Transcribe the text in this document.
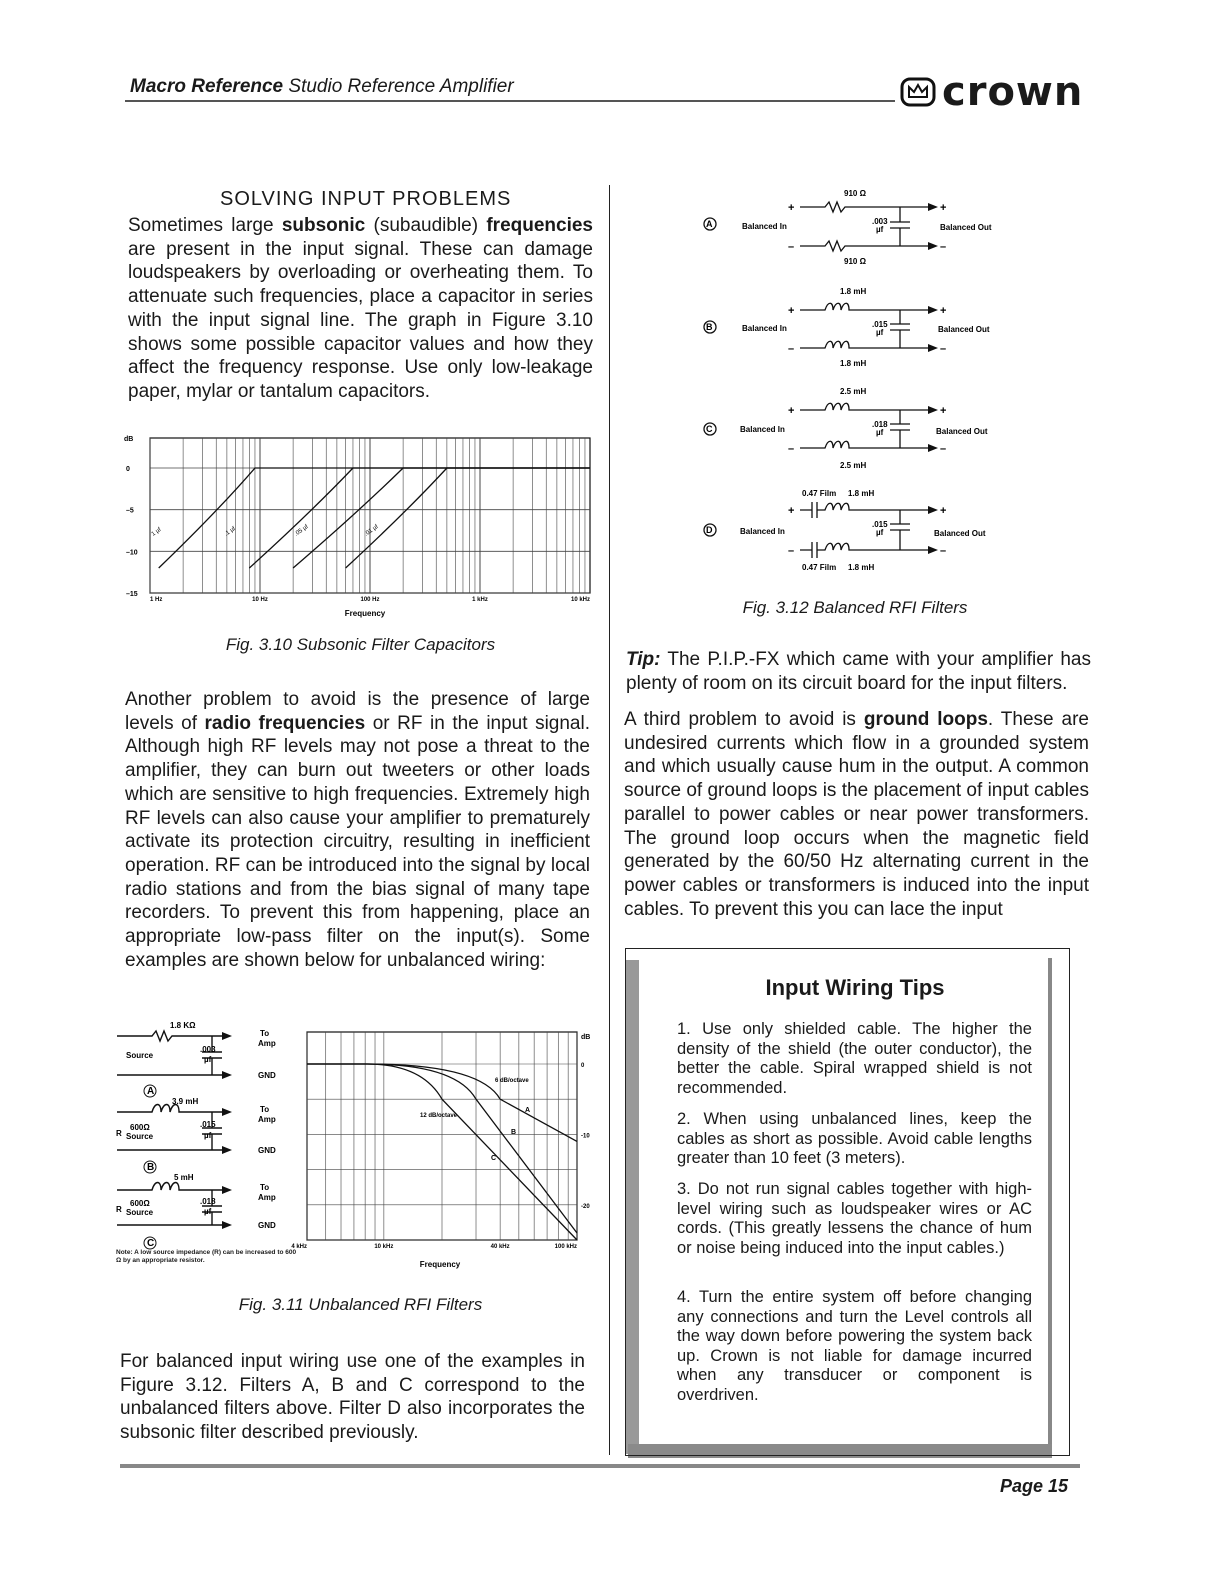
Macro Reference Studio Reference Amplifier	crown
SOLVING INPUT PROBLEMS
Sometimes large subsonic (subaudible) frequencies are present in the input signal. These can damage loudspeakers by overloading or overheating them. To attenuate such frequencies, place a capacitor in series with the input signal line. The graph in Figure 3.10 shows some possible capacitor values and how they affect the frequency response. Use only low-leakage paper, mylar or tantalum capacitors.
0
–5
–10
–15
1 Hz	10 Hz	100 Hz	1 kHz	10 kHz
dB
Frequency
1 µf	.1 µf	.05 µf	.01 µf
Fig. 3.10 Subsonic Filter Capacitors
Another problem to avoid is the presence of large levels of radio frequencies or RF in the input signal. Although high RF levels may not pose a threat to the amplifier, they can burn out tweeters or other loads which are sensitive to high frequencies. Extremely high RF levels can also cause your amplifier to prematurely activate its protection circuitry, resulting in inefficient operation. RF can be introduced into the signal by local radio stations and from the bias signal of many tape recorders. To prevent this from happening, place an appropriate low-pass filter on the input(s). Some examples are shown below for unbalanced wiring:
1.8 KΩ
.003
µf
Source
To
Amp
GND
A
3.9 mH
.015
µf
R
600Ω
Source
To
Amp
GND
B
5 mH
.018
µf
R
600Ω
Source
To
Amp
GND
C
Note: A low source impedance (R) can be increased to 600 Ω by an appropriate resistor.
0
-10
-20
4 kHz	10 kHz	40 kHz	100 kHz
dB
Frequency
6 dB/octave
12 dB/octave
A
B
C
Fig. 3.11 Unbalanced RFI Filters
For balanced input wiring use one of the examples in Figure 3.12. Filters A, B and C correspond to the unbalanced filters above. Filter D also incorporates the subsonic filter described previously.
A
B
C
D
Balanced In
Balanced In
Balanced In
Balanced In
Balanced Out
Balanced Out
Balanced Out
Balanced Out
910 Ω
910 Ω
.003
µf
1.8 mH
1.8 mH
.015
µf
2.5 mH
2.5 mH
.018
µf
0.47 Film 1.8 mH
0.47 Film 1.8 mH
.015
µf
+
–
+
–
+
–
+
–
+
–
+
–
+
–
+
–
Fig. 3.12 Balanced RFI Filters
Tip: The P.I.P.-FX which came with your amplifier has plenty of room on its circuit board for the input filters.
A third problem to avoid is ground loops. These are undesired currents which flow in a grounded system and which usually cause hum in the output. A common source of ground loops is the placement of input cables parallel to power cables or near power transformers. The ground loop occurs when the magnetic field generated by the 60/50 Hz alternating current in the power cables or transformers is induced into the input cables. To prevent this you can lace the input
Input Wiring Tips
1. Use only shielded cable. The higher the density of the shield (the outer conductor), the better the cable. Spiral wrapped shield is not recommended.
2. When using unbalanced lines, keep the cables as short as possible. Avoid cable lengths greater than 10 feet (3 meters).
3. Do not run signal cables together with high-level wiring such as loudspeaker wires or AC cords. (This greatly lessens the chance of hum or noise being induced into the input cables.)
4. Turn the entire system off before changing any connections and turn the Level controls all the way down before powering the system back up. Crown is not liable for damage incurred when any transducer or component is overdriven.
Page 15
